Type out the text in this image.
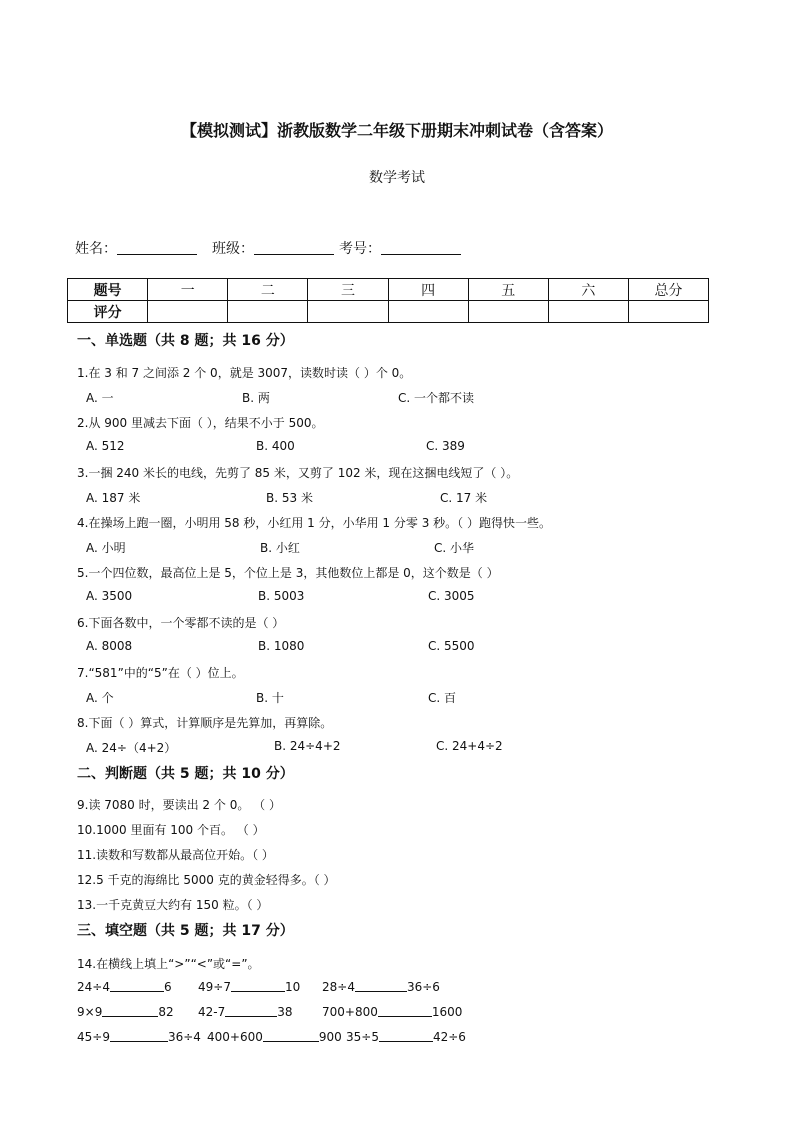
【模拟测试】浙教版数学二年级下册期末冲刺试卷（含答案）
数学考试
姓名：	班级：	考号：
题号	一	二	三	四	五	六	总分
评分							
一、单选题（共 8 题；共 16 分）
1.在 3 和 7 之间添 2 个 0，就是 3007，读数时读（ ）个 0。
A. 一	B. 两	C. 一个都不读
2.从 900 里减去下面（ ），结果不小于 500。
A. 512	B. 400	C. 389
3.一捆 240 米长的电线，先剪了 85 米，又剪了 102 米，现在这捆电线短了（ ）。
A. 187 米	B. 53 米	C. 17 米
4.在操场上跑一圈，小明用 58 秒，小红用 1 分，小华用 1 分零 3 秒。（ ）跑得快一些。
A. 小明	B. 小红	C. 小华
5.一个四位数，最高位上是 5，个位上是 3，其他数位上都是 0，这个数是（ ）
A. 3500	B. 5003	C. 3005
6.下面各数中，一个零都不读的是（ ）
A. 8008	B. 1080	C. 5500
7.“581”中的“5”在（ ）位上。
A. 个	B. 十	C. 百
8.下面（ ）算式，计算顺序是先算加，再算除。
A. 24÷（4+2）	B. 24÷4+2	C. 24+4÷2
二、判断题（共 5 题；共 10 分）
9.读 7080 时，要读出 2 个 0。 （ ）
10.1000 里面有 100 个百。 （ ）
11.读数和写数都从最高位开始。（ ）
12.5 千克的海绵比 5000 克的黄金轻得多。（ ）
13.一千克黄豆大约有 150 粒。（ ）
三、填空题（共 5 题；共 17 分）
14.在横线上填上“>”“<”或“=”。
24÷4	6 49÷7	10 28÷4	36÷6
9×9	82 42-7	38 700+800	1600
45÷9	36÷4 400+600	900 35÷5	42÷6
